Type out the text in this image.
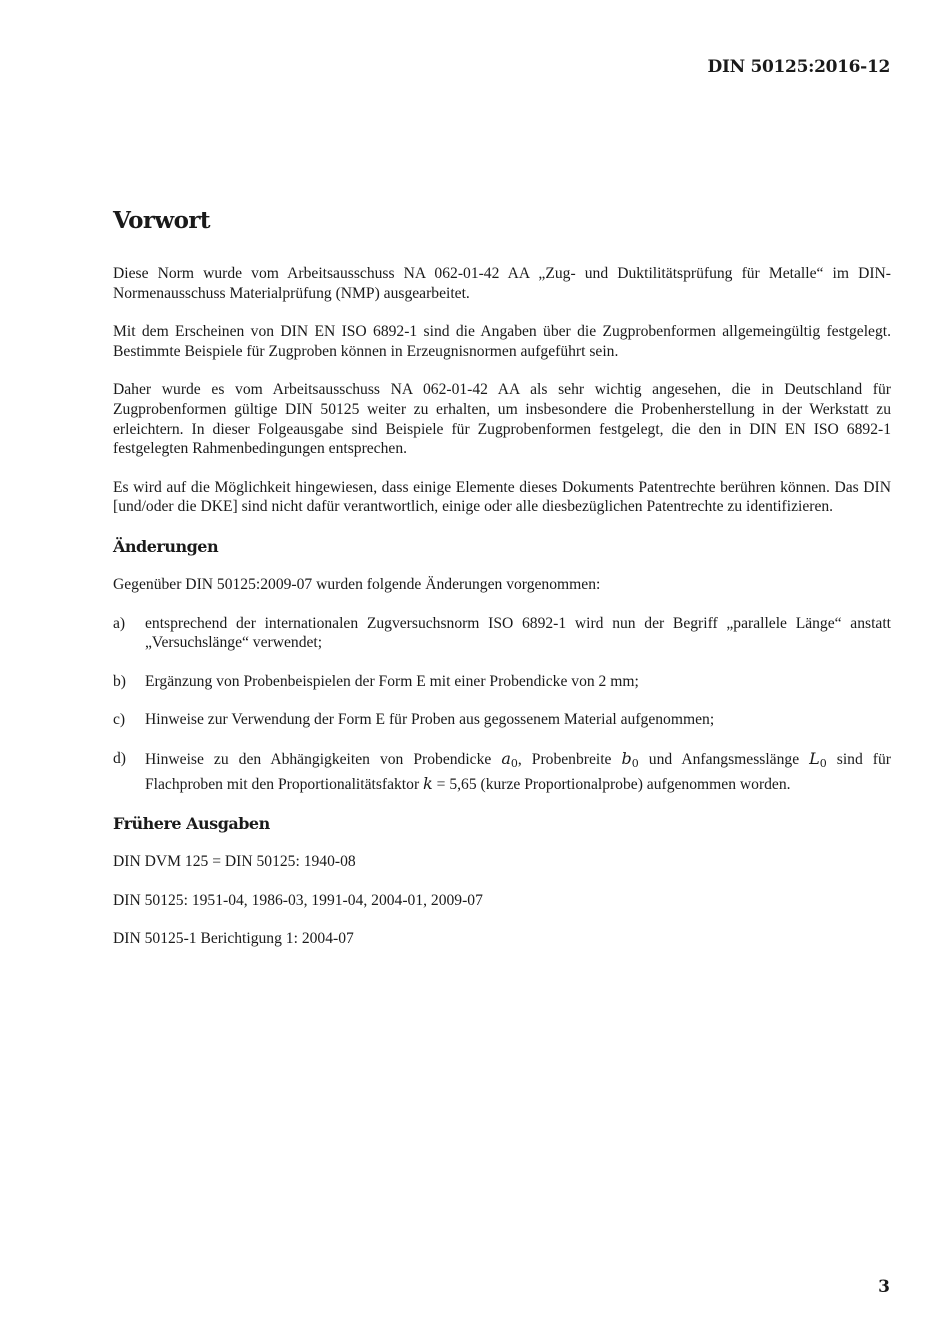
DIN 50125:2016-12
Vorwort

Diese Norm wurde vom Arbeitsausschuss NA 062-01-42 AA „Zug- und Duktilitätsprüfung für Metalle“ im DIN-Normenausschuss Materialprüfung (NMP) ausgearbeitet.

Mit dem Erscheinen von DIN EN ISO 6892-1 sind die Angaben über die Zugprobenformen allgemeingültig festgelegt. Bestimmte Beispiele für Zugproben können in Erzeugnisnormen aufgeführt sein.

Daher wurde es vom Arbeitsausschuss NA 062-01-42 AA als sehr wichtig angesehen, die in Deutschland für Zugprobenformen gültige DIN 50125 weiter zu erhalten, um insbesondere die Probenherstellung in der Werkstatt zu erleichtern. In dieser Folgeausgabe sind Beispiele für Zugprobenformen festgelegt, die den in DIN EN ISO 6892-1 festgelegten Rahmenbedingungen entsprechen.

Es wird auf die Möglichkeit hingewiesen, dass einige Elemente dieses Dokuments Patentrechte berühren können. Das DIN [und/oder die DKE] sind nicht dafür verantwortlich, einige oder alle diesbezüglichen Patentrechte zu identifizieren.

Änderungen

Gegenüber DIN 50125:2009-07 wurden folgende Änderungen vorgenommen:

a)	entsprechend der internationalen Zugversuchsnorm ISO 6892-1 wird nun der Begriff „parallele Länge“ anstatt „Versuchslänge“ verwendet;
b)	Ergänzung von Probenbeispielen der Form E mit einer Probendicke von 2 mm;
c)	Hinweise zur Verwendung der Form E für Proben aus gegossenem Material aufgenommen;
d)	Hinweise zu den Abhängigkeiten von Probendicke $a_0$, Probenbreite $b_0$ und Anfangsmesslänge $L_0$ sind für Flachproben mit den Proportionalitätsfaktor k = 5,65 (kurze Proportionalprobe) aufgenommen worden.
Frühere Ausgaben

DIN DVM 125 = DIN 50125: 1940-08

DIN 50125: 1951-04, 1986-03, 1991-04, 2004-01, 2009-07

DIN 50125-1 Berichtigung 1: 2004-07

3
